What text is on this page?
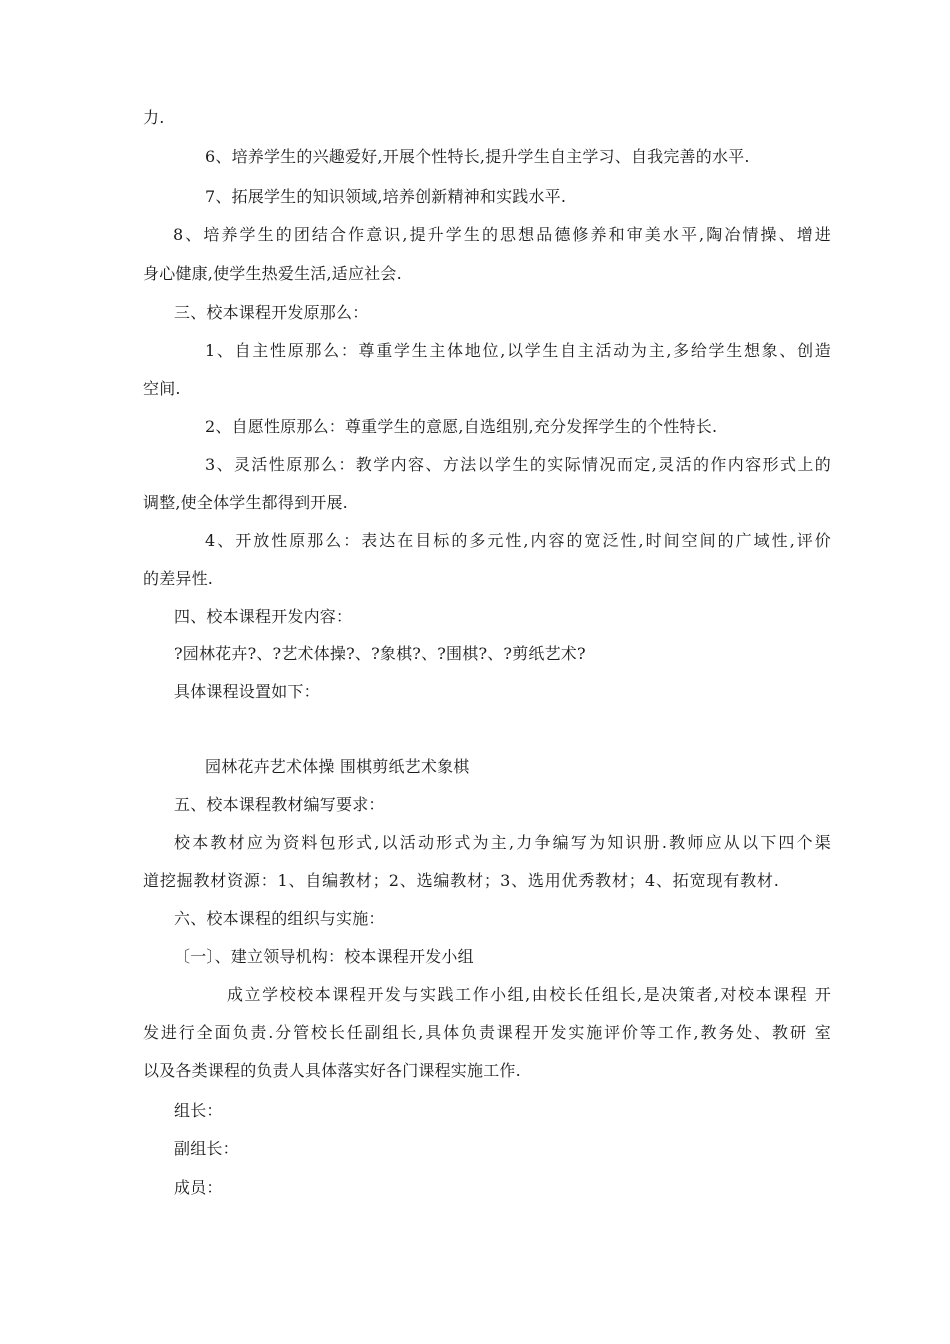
力.
6、培养学生的兴趣爱好,开展个性特长,提升学生自主学习、自我完善的水平.
7、拓展学生的知识领域,培养创新精神和实践水平.
8、培养学生的团结合作意识,提升学生的思想品德修养和审美水平,陶冶情操、增进
身心健康,使学生热爱生活,适应社会.
三、校本课程开发原那么：
1、自主性原那么：尊重学生主体地位,以学生自主活动为主,多给学生想象、创造
空间.
2、自愿性原那么：尊重学生的意愿,自选组别,充分发挥学生的个性特长.
3、灵活性原那么：教学内容、方法以学生的实际情况而定,灵活的作内容形式上的
调整,使全体学生都得到开展.
4、开放性原那么：表达在目标的多元性,内容的宽泛性,时间空间的广域性,评价
的差异性.
四、校本课程开发内容：
?园林花卉?、?艺术体操?、?象棋?、?围棋?、?剪纸艺术?
具体课程设置如下：
园林花卉艺术体操 围棋剪纸艺术象棋
五、校本课程教材编写要求：
校本教材应为资料包形式,以活动形式为主,力争编写为知识册.教师应从以下四个渠
道挖掘教材资源：1、自编教材；2、选编教材；3、选用优秀教材；4、拓宽现有教材.
六、校本课程的组织与实施：
〔一〕、建立领导机构：校本课程开发小组
成立学校校本课程开发与实践工作小组,由校长任组长,是决策者,对校本课程 开
发进行全面负责.分管校长任副组长,具体负责课程开发实施评价等工作,教务处、教研 室
以及各类课程的负责人具体落实好各门课程实施工作.
组长：
副组长：
成员：
